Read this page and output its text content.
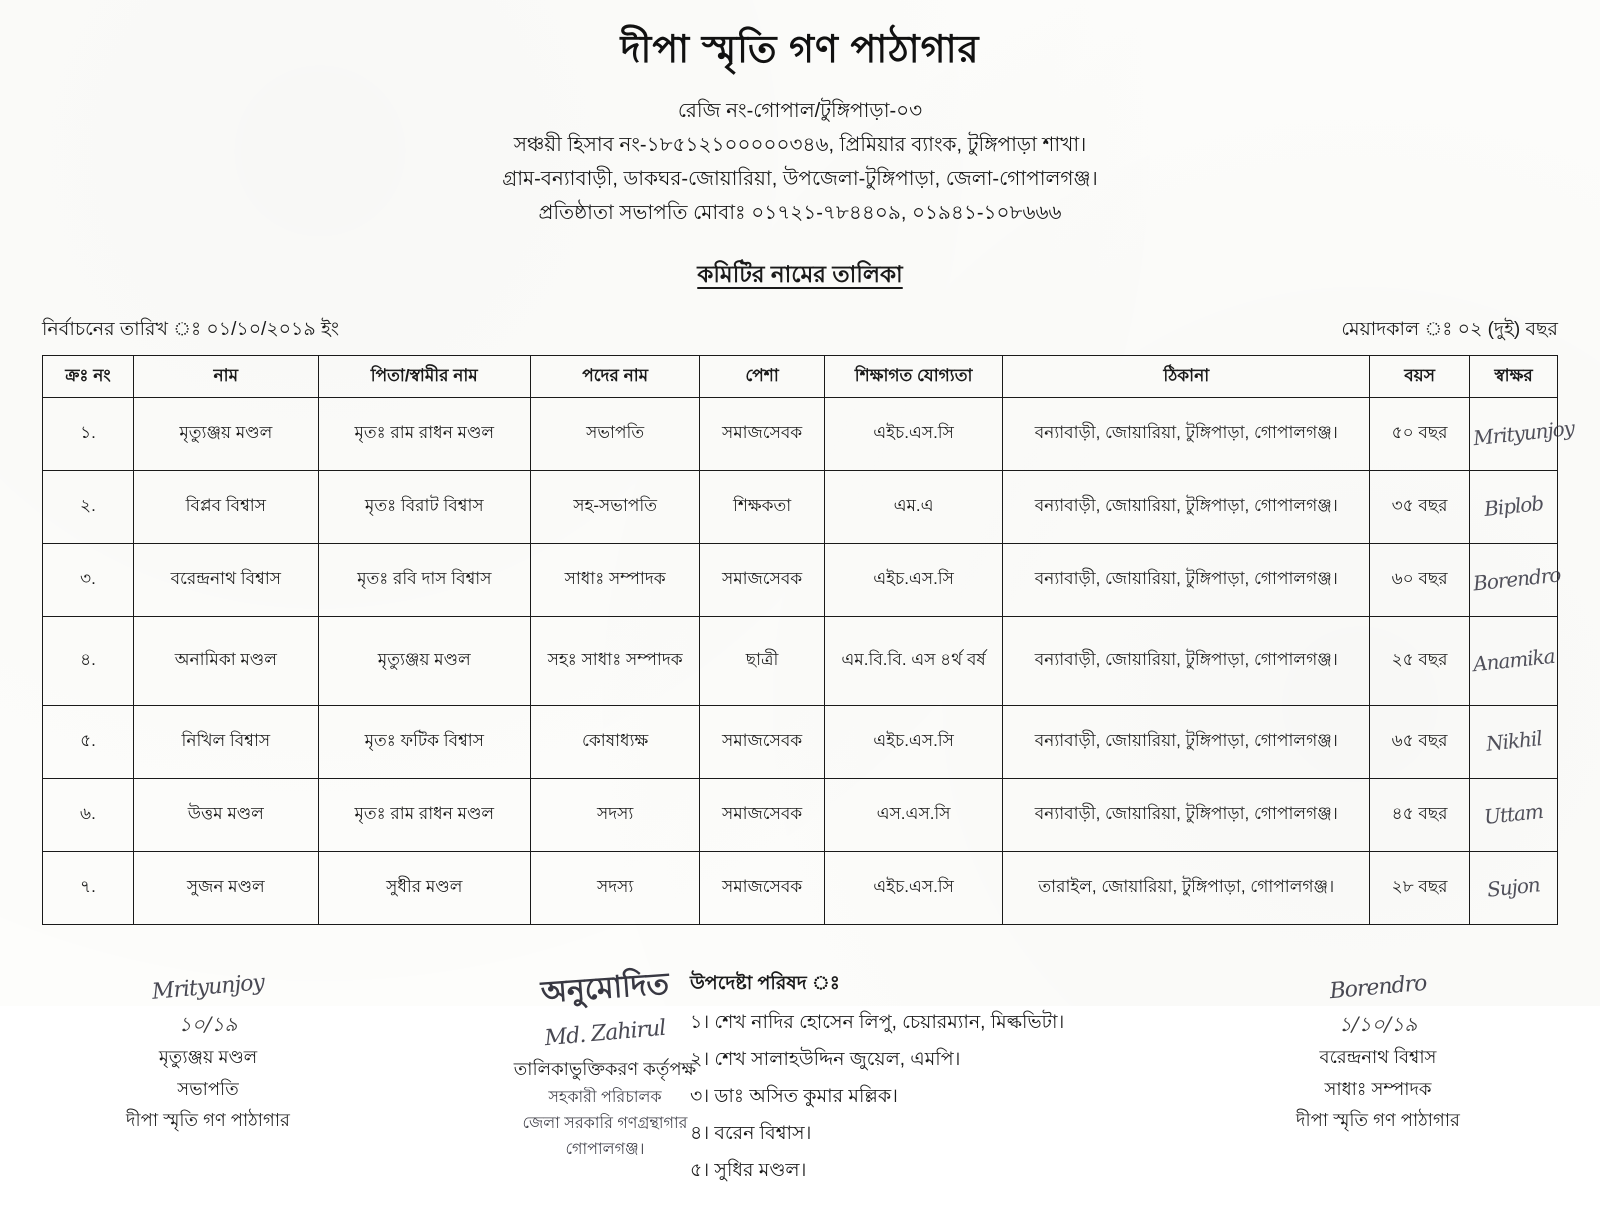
দীপা স্মৃতি গণ পাঠাগার
রেজি নং-গোপাল/টুঙ্গিপাড়া-০৩
সঞ্চয়ী হিসাব নং-১৮৫১২১০০০০০৩৪৬, প্রিমিয়ার ব্যাংক, টুঙ্গিপাড়া শাখা।
গ্রাম-বন্যাবাড়ী, ডাকঘর-জোয়ারিয়া, উপজেলা-টুঙ্গিপাড়া, জেলা-গোপালগঞ্জ।
প্রতিষ্ঠাতা সভাপতি মোবাঃ ০১৭২১-৭৮৪৪০৯, ০১৯৪১-১০৮৬৬৬
কমিটির নামের তালিকা
নির্বাচনের তারিখ ঃ ০১/১০/২০১৯ ইং	মেয়াদকাল ঃ ০২ (দুই) বছর
ক্রঃ নং	নাম	পিতা/স্বামীর নাম	পদের নাম	পেশা	শিক্ষাগত যোগ্যতা	ঠিকানা	বয়স	স্বাক্ষর
১.	মৃত্যুঞ্জয় মণ্ডল	মৃতঃ রাম রাধন মণ্ডল	সভাপতি	সমাজসেবক	এইচ.এস.সি	বন্যাবাড়ী, জোয়ারিয়া, টুঙ্গিপাড়া, গোপালগঞ্জ।	৫০ বছর	Mrityunjoy
২.	বিপ্লব বিশ্বাস	মৃতঃ বিরাট বিশ্বাস	সহ-সভাপতি	শিক্ষকতা	এম.এ	বন্যাবাড়ী, জোয়ারিয়া, টুঙ্গিপাড়া, গোপালগঞ্জ।	৩৫ বছর	Biplob
৩.	বরেন্দ্রনাথ বিশ্বাস	মৃতঃ রবি দাস বিশ্বাস	সাধাঃ সম্পাদক	সমাজসেবক	এইচ.এস.সি	বন্যাবাড়ী, জোয়ারিয়া, টুঙ্গিপাড়া, গোপালগঞ্জ।	৬০ বছর	Borendro
৪.	অনামিকা মণ্ডল	মৃত্যুঞ্জয় মণ্ডল	সহঃ সাধাঃ সম্পাদক	ছাত্রী	এম.বি.বি. এস ৪র্থ বর্ষ	বন্যাবাড়ী, জোয়ারিয়া, টুঙ্গিপাড়া, গোপালগঞ্জ।	২৫ বছর	Anamika
৫.	নিখিল বিশ্বাস	মৃতঃ ফটিক বিশ্বাস	কোষাধ্যক্ষ	সমাজসেবক	এইচ.এস.সি	বন্যাবাড়ী, জোয়ারিয়া, টুঙ্গিপাড়া, গোপালগঞ্জ।	৬৫ বছর	Nikhil
৬.	উত্তম মণ্ডল	মৃতঃ রাম রাধন মণ্ডল	সদস্য	সমাজসেবক	এস.এস.সি	বন্যাবাড়ী, জোয়ারিয়া, টুঙ্গিপাড়া, গোপালগঞ্জ।	৪৫ বছর	Uttam
৭.	সুজন মণ্ডল	সুধীর মণ্ডল	সদস্য	সমাজসেবক	এইচ.এস.সি	তারাইল, জোয়ারিয়া, টুঙ্গিপাড়া, গোপালগঞ্জ।	২৮ বছর	Sujon
Mrityunjoy
১০/১৯
মৃত্যুঞ্জয় মণ্ডল
সভাপতি
দীপা স্মৃতি গণ পাঠাগার
অনুমোদিত
Md. Zahirul
তালিকাভুক্তিকরণ কর্তৃপক্ষ
সহকারী পরিচালক
জেলা সরকারি গণগ্রন্থাগার
গোপালগঞ্জ।
উপদেষ্টা পরিষদ ঃ
১। শেখ নাদির হোসেন লিপু, চেয়ারম্যান, মিল্কভিটা।
২। শেখ সালাহউদ্দিন জুয়েল, এমপি।
৩। ডাঃ অসিত কুমার মল্লিক।
৪। বরেন বিশ্বাস।
৫। সুধির মণ্ডল।
Borendro
১/১০/১৯
বরেন্দ্রনাথ বিশ্বাস
সাধাঃ সম্পাদক
দীপা স্মৃতি গণ পাঠাগার
